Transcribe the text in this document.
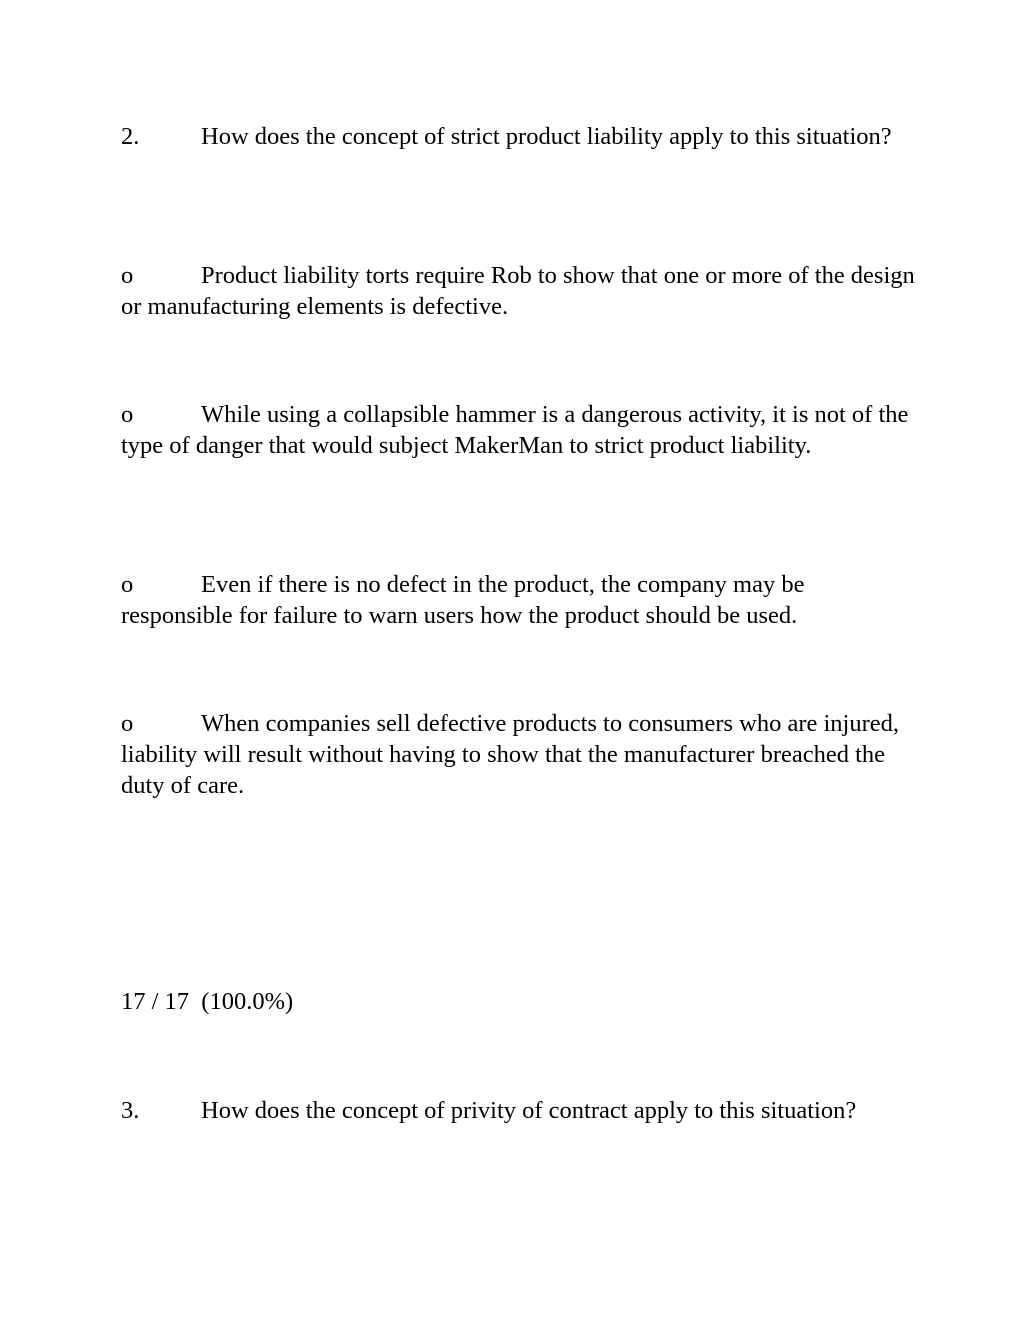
2.	How does the concept of strict product liability apply to this situation?

o	Product liability torts require Rob to show that one or more of the design or manufacturing elements is defective.

o	While using a collapsible hammer is a dangerous activity, it is not of the type of danger that would subject MakerMan to strict product liability.

o	Even if there is no defect in the product, the company may be responsible for failure to warn users how the product should be used.

o	When companies sell defective products to consumers who are injured, liability will result without having to show that the manufacturer breached the duty of care.

17 / 17  (100.0%)

3.	How does the concept of privity of contract apply to this situation?
